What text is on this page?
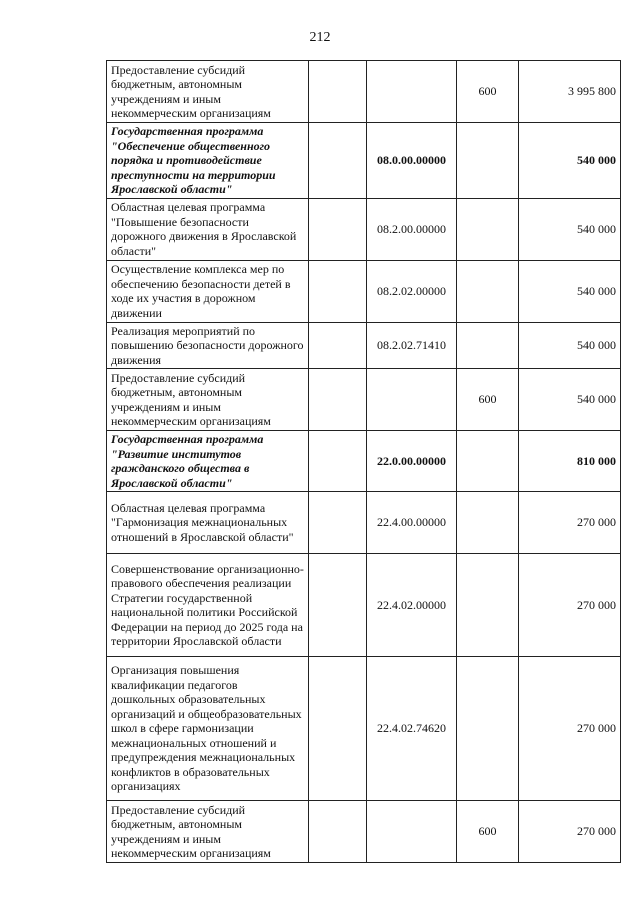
212
Предоставление субсидий бюджетным, автономным учреждениям и иным некоммерческим организациям			600	3 995 800
Государственная программа "Обеспечение общественного порядка и противодействие преступности на территории Ярославской области"		08.0.00.00000		540 000
Областная целевая программа "Повышение безопасности дорожного движения в Ярославской области"		08.2.00.00000		540 000
Осуществление комплекса мер по обеспечению безопасности детей в ходе их участия в дорожном движении		08.2.02.00000		540 000
Реализация мероприятий по повышению безопасности дорожного движения		08.2.02.71410		540 000
Предоставление субсидий бюджетным, автономным учреждениям и иным некоммерческим организациям			600	540 000
Государственная программа "Развитие институтов гражданского общества в Ярославской области"		22.0.00.00000		810 000
Областная целевая программа "Гармонизация межнациональных отношений в Ярославской области"		22.4.00.00000		270 000
Совершенствование организационно-правового обеспечения реализации Стратегии государственной национальной политики Российской Федерации на период до 2025 года на территории Ярославской области		22.4.02.00000		270 000
Организация повышения квалификации педагогов дошкольных образовательных организаций и общеобразовательных школ в сфере гармонизации межнациональных отношений и предупреждения межнациональных конфликтов в образовательных организациях		22.4.02.74620		270 000
Предоставление субсидий бюджетным, автономным учреждениям и иным некоммерческим организациям			600	270 000
